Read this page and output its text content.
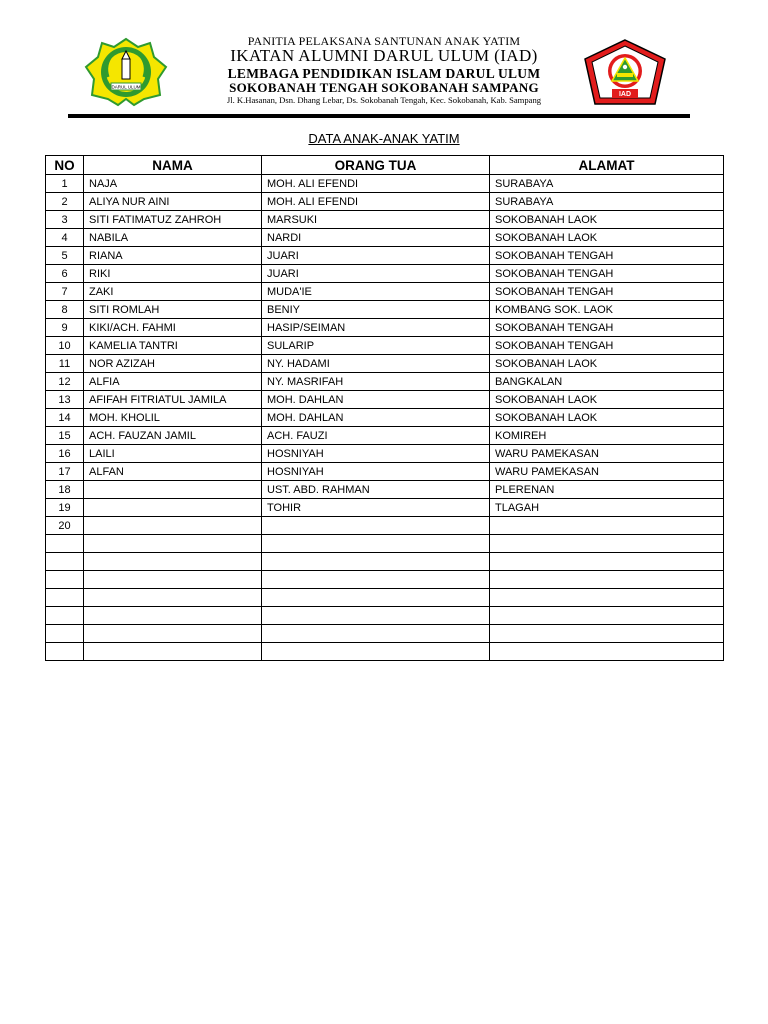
DARUL ULUM
IAD
PANITIA PELAKSANA SANTUNAN ANAK YATIM
IKATAN ALUMNI DARUL ULUM (IAD)
LEMBAGA PENDIDIKAN ISLAM DARUL ULUM
SOKOBANAH TENGAH SOKOBANAH SAMPANG
Jl. K.Hasanan, Dsn. Dhang Lebar, Ds. Sokobanah Tengah, Kec. Sokobanah, Kab. Sampang
DATA ANAK-ANAK YATIM
NO	NAMA	ORANG TUA	ALAMAT
1	NAJA	MOH. ALI EFENDI	SURABAYA
2	ALIYA NUR AINI	MOH. ALI EFENDI	SURABAYA
3	SITI FATIMATUZ ZAHROH	MARSUKI	SOKOBANAH LAOK
4	NABILA	NARDI	SOKOBANAH LAOK
5	RIANA	JUARI	SOKOBANAH TENGAH
6	RIKI	JUARI	SOKOBANAH TENGAH
7	ZAKI	MUDA'IE	SOKOBANAH TENGAH
8	SITI ROMLAH	BENIY	KOMBANG SOK. LAOK
9	KIKI/ACH. FAHMI	HASIP/SEIMAN	SOKOBANAH TENGAH
10	KAMELIA TANTRI	SULARIP	SOKOBANAH TENGAH
11	NOR AZIZAH	NY. HADAMI	SOKOBANAH LAOK
12	ALFIA	NY. MASRIFAH	BANGKALAN
13	AFIFAH FITRIATUL JAMILA	MOH. DAHLAN	SOKOBANAH LAOK
14	MOH. KHOLIL	MOH. DAHLAN	SOKOBANAH LAOK
15	ACH. FAUZAN JAMIL	ACH. FAUZI	KOMIREH
16	LAILI	HOSNIYAH	WARU PAMEKASAN
17	ALFAN	HOSNIYAH	WARU PAMEKASAN
18		UST. ABD. RAHMAN	PLERENAN
19		TOHIR	TLAGAH
20			
